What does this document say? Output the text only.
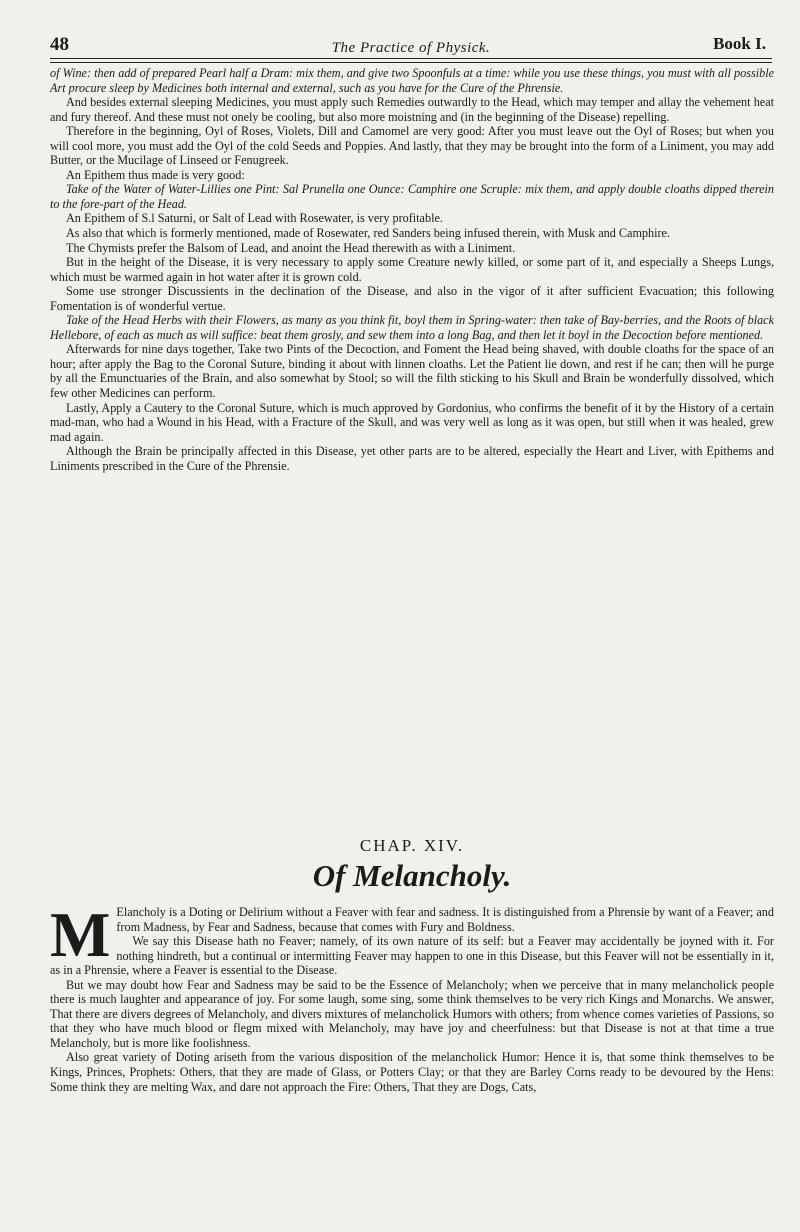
48	The Practice of Physick.	Book I.

of Wine: then add of prepared Pearl half a Dram: mix them, and give two Spoonfuls at a time: while you use these things, you must with all possible Art procure sleep by Medicines both internal and external, such as you have for the Cure of the Phrensie.

And besides external sleeping Medicines, you must apply such Remedies outwardly to the Head, which may temper and allay the vehement heat and fury thereof. And these must not onely be cooling, but also more moistning and (in the beginning of the Disease) repelling.

Therefore in the beginning, Oyl of Roses, Violets, Dill and Camomel are very good: After you must leave out the Oyl of Roses; but when you will cool more, you must add the Oyl of the cold Seeds and Poppies. And lastly, that they may be brought into the form of a Liniment, you may add Butter, or the Mucilage of Linseed or Fenugreek.

An Epithem thus made is very good:

Take of the Water of Water-Lillies one Pint: Sal Prunella one Ounce: Camphire one Scruple: mix them, and apply double cloaths dipped therein to the fore-part of the Head.

An Epithem of S.l Saturni, or Salt of Lead with Rosewater, is very profitable.

As also that which is formerly mentioned, made of Rosewater, red Sanders being infused therein, with Musk and Camphire.

The Chymists prefer the Balsom of Lead, and anoint the Head therewith as with a Liniment.

But in the height of the Disease, it is very necessary to apply some Creature newly killed, or some part of it, and especially a Sheeps Lungs, which must be warmed again in hot water after it is grown cold.

Some use stronger Discussients in the declination of the Disease, and also in the vigor of it after sufficient Evacuation; this following Fomentation is of wonderful vertue.

Take of the Head Herbs with their Flowers, as many as you think fit, boyl them in Spring-water: then take of Bay-berries, and the Roots of black Hellebore, of each as much as will suffice: beat them grosly, and sew them into a long Bag, and then let it boyl in the Decoction before mentioned.

Afterwards for nine days together, Take two Pints of the Decoction, and Foment the Head being shaved, with double cloaths for the space of an hour; after apply the Bag to the Coronal Suture, binding it about with linnen cloaths. Let the Patient lie down, and rest if he can; then will he purge by all the Emunctuaries of the Brain, and also somewhat by Stool; so will the filth sticking to his Skull and Brain be wonderfully dissolved, which few other Medicines can perform.

Lastly, Apply a Cautery to the Coronal Suture, which is much approved by Gordonius, who confirms the benefit of it by the History of a certain mad-man, who had a Wound in his Head, with a Fracture of the Skull, and was very well as long as it was open, but still when it was healed, grew mad again.

Although the Brain be principally affected in this Disease, yet other parts are to be altered, especially the Heart and Liver, with Epithems and Liniments prescribed in the Cure of the Phrensie.

CHAP. XIV.
Of Melancholy.
M Elancholy is a Doting or Delirium without a Feaver with fear and sadness. It is distinguished from a Phrensie by want of a Feaver; and from Madness, by Fear and Sadness, because that comes with Fury and Boldness.

We say this Disease hath no Feaver; namely, of its own nature of its self: but a Feaver may accidentally be joyned with it. For nothing hindreth, but a continual or intermitting Feaver may happen to one in this Disease, but this Feaver will not be essentially in it, as in a Phrensie, where a Feaver is essential to the Disease.

But we may doubt how Fear and Sadness may be said to be the Essence of Melancholy; when we perceive that in many melancholick people there is much laughter and appearance of joy. For some laugh, some sing, some think themselves to be very rich Kings and Monarchs. We answer, That there are divers degrees of Melancholy, and divers mixtures of melancholick Humors with others; from whence comes varieties of Passions, so that they who have much blood or flegm mixed with Melancholy, may have joy and cheerfulness: but that Disease is not at that time a true Melancholy, but is more like foolishness.

Also great variety of Doting ariseth from the various disposition of the melancholick Humor: Hence it is, that some think themselves to be Kings, Princes, Prophets: Others, that they are made of Glass, or Potters Clay; or that they are Barley Corns ready to be devoured by the Hens: Some think they are melting Wax, and dare not approach the Fire: Others, That they are Dogs, Cats,
